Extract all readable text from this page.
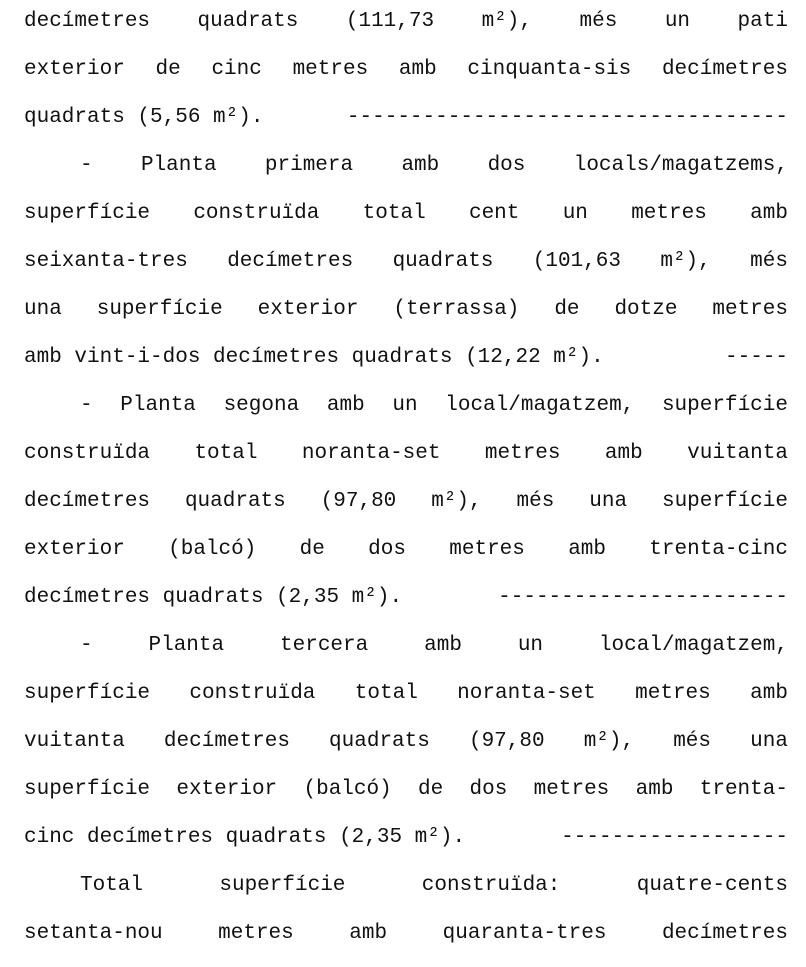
decímetres quadrats (111,73 m²), més un pati
exterior de cinc metres amb cinquanta-sis decímetres
quadrats (5,56 m²).	-----------------------------------
- Planta primera amb dos locals/magatzems,
superfície construïda total cent un metres amb
seixanta-tres decímetres quadrats (101,63 m²), més
una superfície exterior (terrassa) de dotze metres
amb vint-i-dos decímetres quadrats (12,22 m²).	-----
- Planta segona amb un local/magatzem, superfície
construïda total noranta-set metres amb vuitanta
decímetres quadrats (97,80 m²), més una superfície
exterior (balcó) de dos metres amb trenta-cinc
decímetres quadrats (2,35 m²).	-----------------------
-	Planta	tercera	amb	un	local/magatzem,
superfície construïda total noranta-set metres amb
vuitanta decímetres quadrats (97,80 m²), més una
superfície exterior (balcó) de dos metres amb trenta-
cinc decímetres quadrats (2,35 m²).	------------------
Total	superfície	construïda:	quatre-cents
setanta-nou	metres	amb	quaranta-tres	decímetres
